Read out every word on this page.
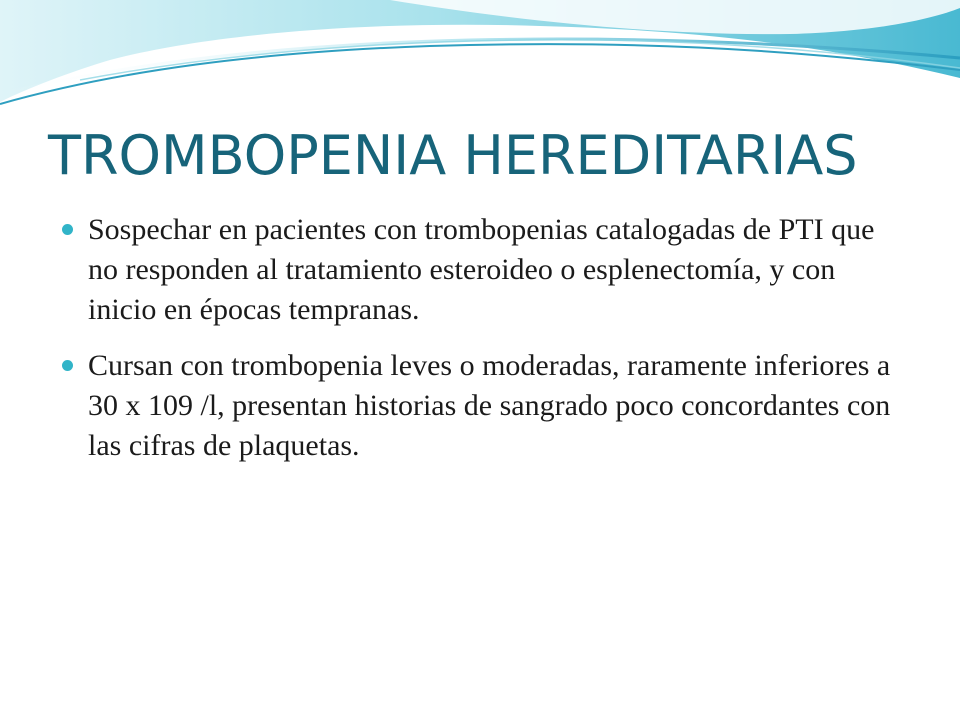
TROMBOPENIA HEREDITARIAS
Sospechar en pacientes con trombopenias catalogadas de PTI que no responden al tratamiento esteroideo o esplenectomía, y con inicio en épocas tempranas.
Cursan con trombopenia leves o moderadas, raramente inferiores a 30 x 109 /l, presentan historias de sangrado poco concordantes con las cifras de plaquetas.
